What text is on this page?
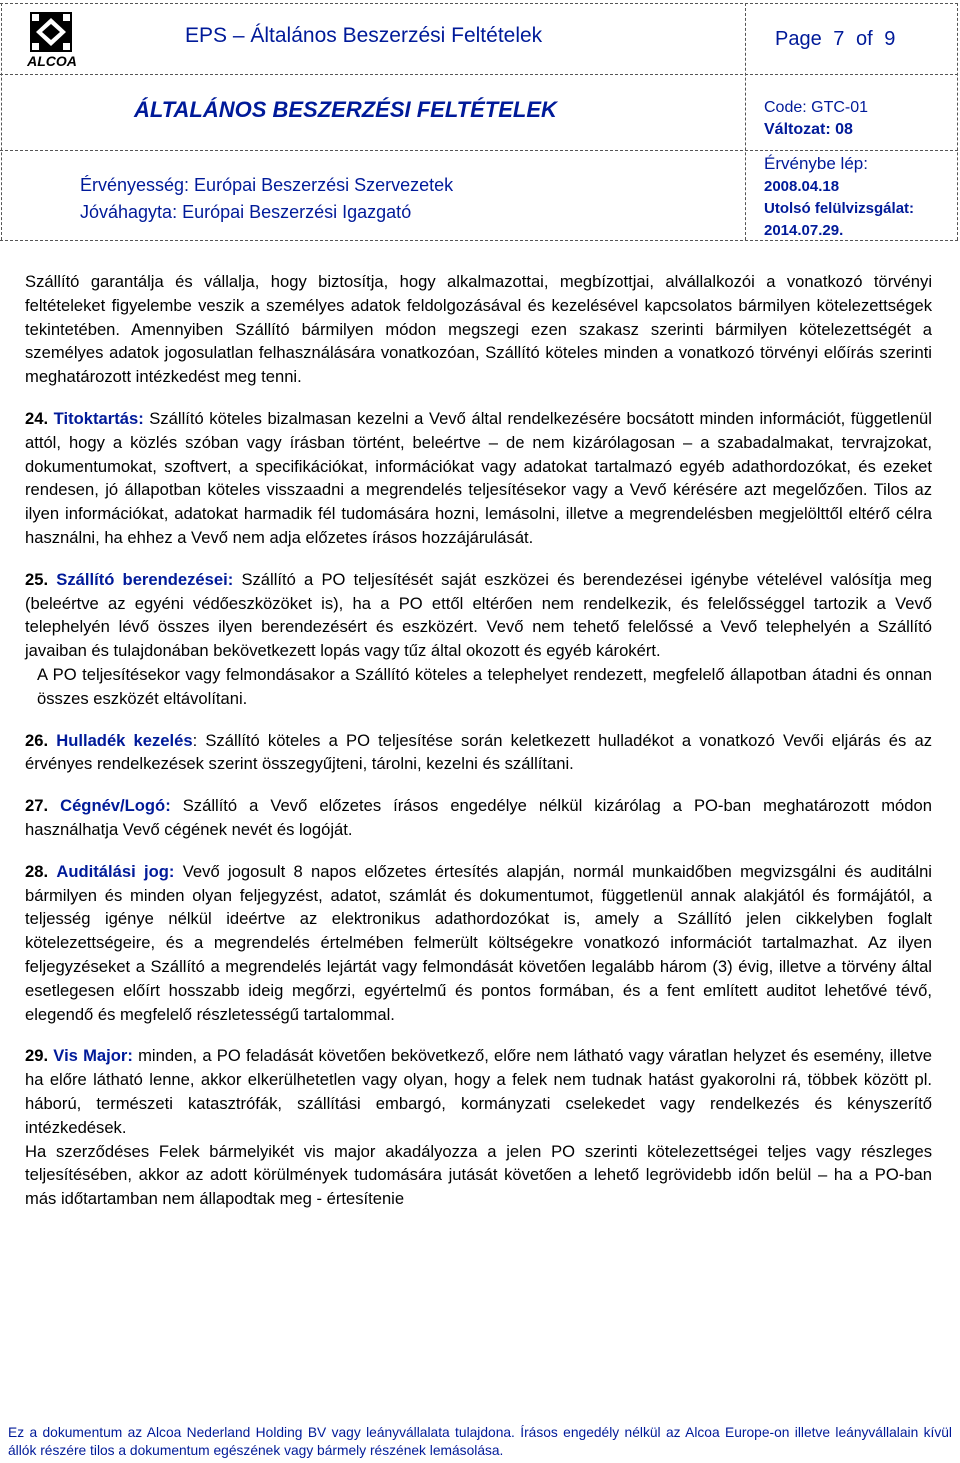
ALCOA
EPS – Általános Beszerzési Feltételek	Page 7 of 9
ÁLTALÁNOS BESZERZÉSI FELTÉTELEK	Code: GTC-01
Változat: 08
Érvénybe lép:
2008.04.18
Utolsó felülvizsgálat:
2014.07.29.
Érvényesség: Európai Beszerzési Szervezetek
Jóváhagyta: Európai Beszerzési Igazgató

Szállító garantálja és vállalja, hogy biztosítja, hogy alkalmazottai, megbízottjai, alvállalkozói a vonatkozó törvényi feltételeket figyelembe veszik a személyes adatok feldolgozásával és kezelésével kapcsolatos bármilyen kötelezettségek tekintetében. Amennyiben Szállító bármilyen módon megszegi ezen szakasz szerinti bármilyen kötelezettségét a személyes adatok jogosulatlan felhasználására vonatkozóan, Szállító köteles minden a vonatkozó törvényi előírás szerinti meghatározott intézkedést meg tenni.

24. Titoktartás: Szállító köteles bizalmasan kezelni a Vevő által rendelkezésére bocsátott minden információt, függetlenül attól, hogy a közlés szóban vagy írásban történt, beleértve – de nem kizárólagosan – a szabadalmakat, tervrajzokat, dokumentumokat, szoftvert, a specifikációkat, információkat vagy adatokat tartalmazó egyéb adathordozókat, és ezeket rendesen, jó állapotban köteles visszaadni a megrendelés teljesítésekor vagy a Vevő kérésére azt megelőzően. Tilos az ilyen információkat, adatokat harmadik fél tudomására hozni, lemásolni, illetve a megrendelésben megjelölttől eltérő célra használni, ha ehhez a Vevő nem adja előzetes írásos hozzájárulását.

25. Szállító berendezései: Szállító a PO teljesítését saját eszközei és berendezései igénybe vételével valósítja meg (beleértve az egyéni védőeszközöket is), ha a PO ettől eltérően nem rendelkezik, és felelősséggel tartozik a Vevő telephelyén lévő összes ilyen berendezésért és eszközért. Vevő nem tehető felelőssé a Vevő telephelyén a Szállító javaiban és tulajdonában bekövetkezett lopás vagy tűz által okozott és egyéb károkért.

A PO teljesítésekor vagy felmondásakor a Szállító köteles a telephelyet rendezett, megfelelő állapotban átadni és onnan összes eszközét eltávolítani.

26. Hulladék kezelés: Szállító köteles a PO teljesítése során keletkezett hulladékot a vonatkozó Vevői eljárás és az érvényes rendelkezések szerint összegyűjteni, tárolni, kezelni és szállítani.

27. Cégnév/Logó: Szállító a Vevő előzetes írásos engedélye nélkül kizárólag a PO-ban meghatározott módon használhatja Vevő cégének nevét és logóját.

28. Auditálási jog: Vevő jogosult 8 napos előzetes értesítés alapján, normál munkaidőben megvizsgálni és auditálni bármilyen és minden olyan feljegyzést, adatot, számlát és dokumentumot, függetlenül annak alakjától és formájától, a teljesség igénye nélkül ideértve az elektronikus adathordozókat is, amely a Szállító jelen cikkelyben foglalt kötelezettségeire, és a megrendelés értelmében felmerült költségekre vonatkozó információt tartalmazhat. Az ilyen feljegyzéseket a Szállító a megrendelés lejártát vagy felmondását követően legalább három (3) évig, illetve a törvény által esetlegesen előírt hosszabb ideig megőrzi, egyértelmű és pontos formában, és a fent említett auditot lehetővé tévő, elegendő és megfelelő részletességű tartalommal.

29. Vis Major: minden, a PO feladását követően bekövetkező, előre nem látható vagy váratlan helyzet és esemény, illetve ha előre látható lenne, akkor elkerülhetetlen vagy olyan, hogy a felek nem tudnak hatást gyakorolni rá, többek között pl. háború, természeti katasztrófák, szállítási embargó, kormányzati cselekedet vagy rendelkezés és kényszerítő intézkedések.

Ha szerződéses Felek bármelyikét vis major akadályozza a jelen PO szerinti kötelezettségei teljes vagy részleges teljesítésében, akkor az adott körülmények tudomására jutását követően a lehető legrövidebb időn belül – ha a PO-ban más időtartamban nem állapodtak meg - értesítenie

Ez a dokumentum az Alcoa Nederland Holding BV vagy leányvállalata tulajdona. Írásos engedély nélkül az Alcoa Europe-on illetve leányvállalain kívül állók részére tilos a dokumentum egészének vagy bármely részének lemásolása.
